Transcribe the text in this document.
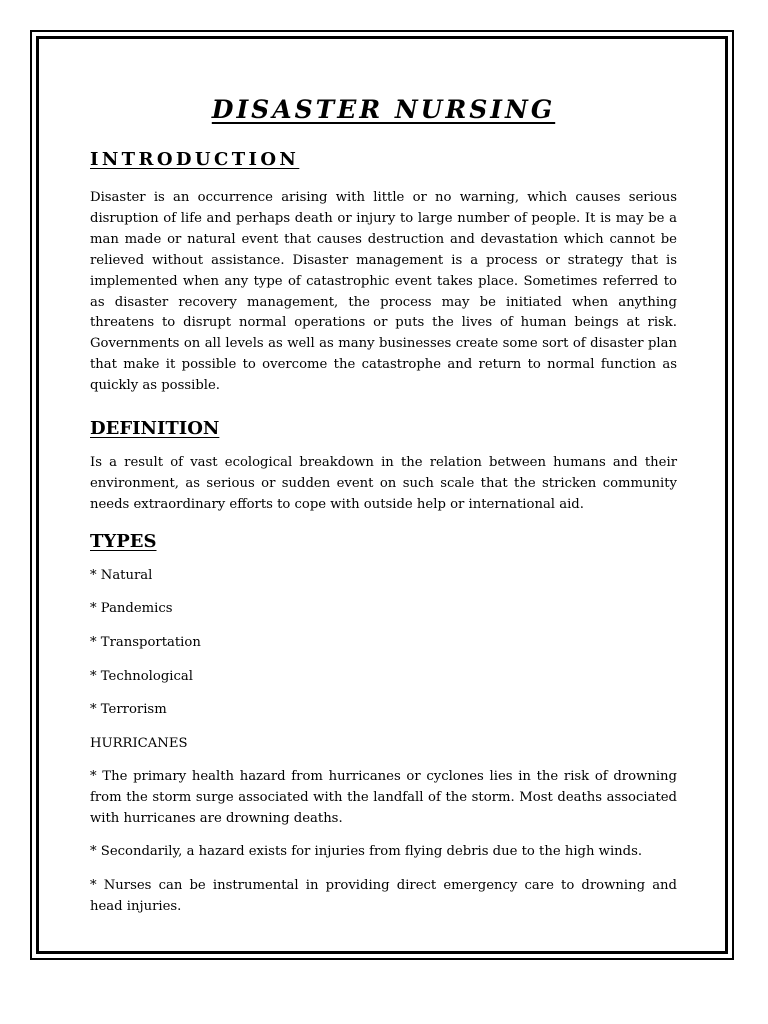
DISASTER NURSING
INTRODUCTION

Disaster is an occurrence arising with little or no warning, which causes serious disruption of life and perhaps death or injury to large number of people. It is may be a man made or natural event that causes destruction and devastation which cannot be relieved without assistance. Disaster management is a process or strategy that is implemented when any type of catastrophic event takes place. Sometimes referred to as disaster recovery management, the process may be initiated when anything threatens to disrupt normal operations or puts the lives of human beings at risk. Governments on all levels as well as many businesses create some sort of disaster plan that make it possible to overcome the catastrophe and return to normal function as quickly as possible.

DEFINITION

Is a result of vast ecological breakdown in the relation between humans and their environment, as serious or sudden event on such scale that the stricken community needs extraordinary efforts to cope with outside help or international aid.

TYPES
* Natural
* Pandemics
* Transportation
* Technological
* Terrorism
HURRICANES

* The primary health hazard from hurricanes or cyclones lies in the risk of drowning from the storm surge associated with the landfall of the storm. Most deaths associated with hurricanes are drowning deaths.

* Secondarily, a hazard exists for injuries from flying debris due to the high winds.

* Nurses can be instrumental in providing direct emergency care to drowning and head injuries.
